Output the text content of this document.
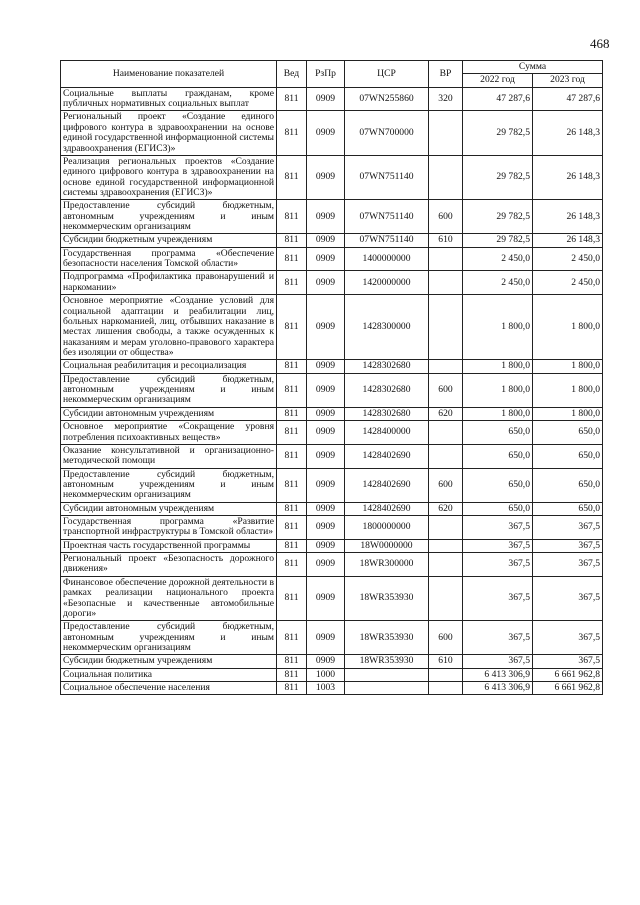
468
Наименование показателей	Вед	РзПр	ЦСР	ВР	Сумма	
					2022 год	2023 год
Социальные выплаты гражданам, кроме публичных нормативных социальных выплат	811	0909	07WN255860	320	47 287,6	47 287,6
Региональный проект «Создание единого цифрового контура в здравоохранении на основе единой государственной информационной системы здравоохранения (ЕГИСЗ)»	811	0909	07WN700000		29 782,5	26 148,3
Реализация региональных проектов «Создание единого цифрового контура в здравоохранении на основе единой государственной информационной системы здравоохранения (ЕГИСЗ)»	811	0909	07WN751140		29 782,5	26 148,3
Предоставление субсидий бюджетным, автономным учреждениям и иным некоммерческим организациям	811	0909	07WN751140	600	29 782,5	26 148,3
Субсидии бюджетным учреждениям	811	0909	07WN751140	610	29 782,5	26 148,3
Государственная программа «Обеспечение безопасности населения Томской области»	811	0909	1400000000		2 450,0	2 450,0
Подпрограмма «Профилактика правонарушений и наркомании»	811	0909	1420000000		2 450,0	2 450,0
Основное мероприятие «Создание условий для социальной адаптации и реабилитации лиц, больных наркоманией, лиц, отбывших наказание в местах лишения свободы, а также осужденных к наказаниям и мерам уголовно-правового характера без изоляции от общества»	811	0909	1428300000		1 800,0	1 800,0
Социальная реабилитация и ресоциализация	811	0909	1428302680		1 800,0	1 800,0
Предоставление субсидий бюджетным, автономным учреждениям и иным некоммерческим организациям	811	0909	1428302680	600	1 800,0	1 800,0
Субсидии автономным учреждениям	811	0909	1428302680	620	1 800,0	1 800,0
Основное мероприятие «Сокращение уровня потребления психоактивных веществ»	811	0909	1428400000		650,0	650,0
Оказание консультативной и организационно-методической помощи	811	0909	1428402690		650,0	650,0
Предоставление субсидий бюджетным, автономным учреждениям и иным некоммерческим организациям	811	0909	1428402690	600	650,0	650,0
Субсидии автономным учреждениям	811	0909	1428402690	620	650,0	650,0
Государственная программа «Развитие транспортной инфраструктуры в Томской области»	811	0909	1800000000		367,5	367,5
Проектная часть государственной программы	811	0909	18W0000000		367,5	367,5
Региональный проект «Безопасность дорожного движения»	811	0909	18WR300000		367,5	367,5
Финансовое обеспечение дорожной деятельности в рамках реализации национального проекта «Безопасные и качественные автомобильные дороги»	811	0909	18WR353930		367,5	367,5
Предоставление субсидий бюджетным, автономным учреждениям и иным некоммерческим организациям	811	0909	18WR353930	600	367,5	367,5
Субсидии бюджетным учреждениям	811	0909	18WR353930	610	367,5	367,5
Социальная политика	811	1000			6 413 306,9	6 661 962,8
Социальное обеспечение населения	811	1003			6 413 306,9	6 661 962,8
